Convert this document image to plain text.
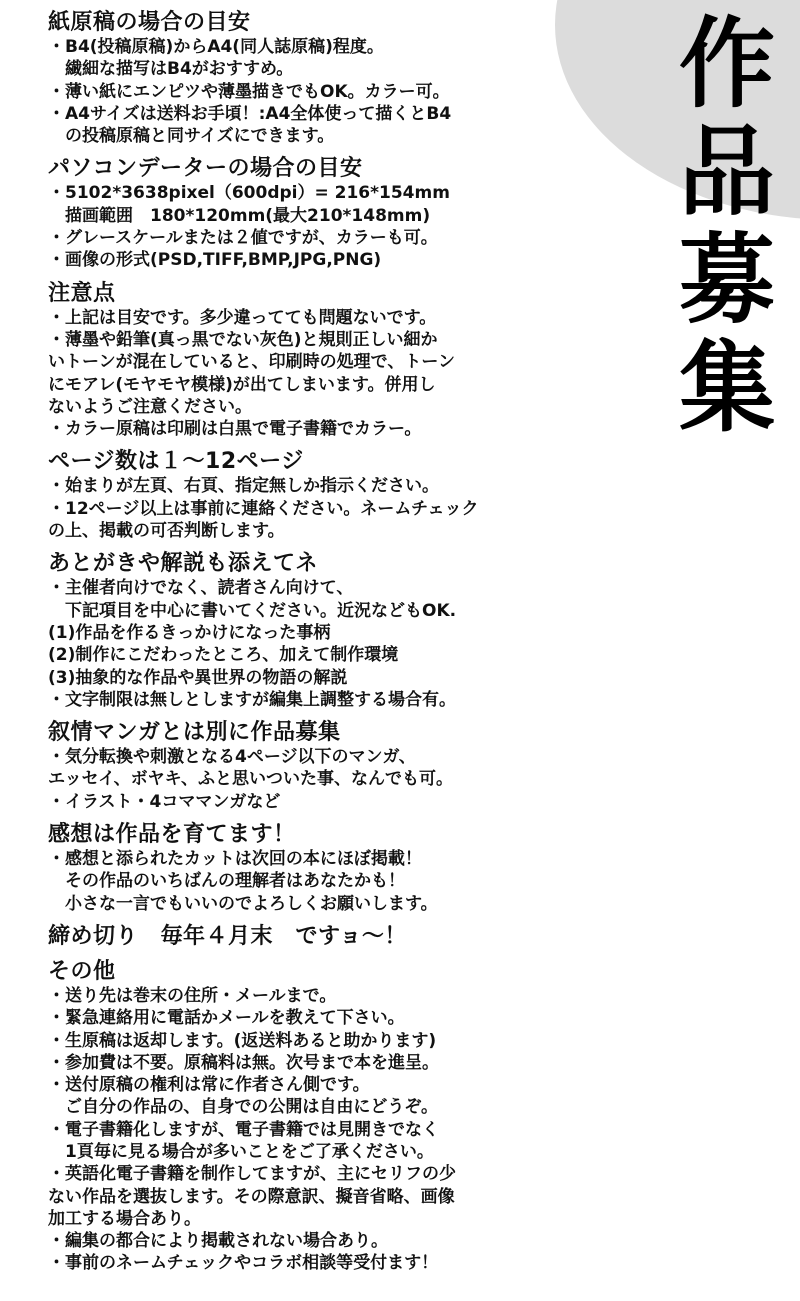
作
品
募
集
紙原稿の場合の目安
・B4(投稿原稿)からA4(同人誌原稿)程度。
　繊細な描写はB4がおすすめ。
・薄い紙にエンピツや薄墨描きでもOK。カラー可。
・A4サイズは送料お手頃！:A4全体使って描くとB4
　の投稿原稿と同サイズにできます。
パソコンデーターの場合の目安
・5102*3638pixel（600dpi）= 216*154mm
　描画範囲　180*120mm(最大210*148mm)
・グレースケールまたは２値ですが、カラーも可。
・画像の形式(PSD,TIFF,BMP,JPG,PNG)
注意点
・上記は目安です。多少違ってても問題ないです。
・薄墨や鉛筆(真っ黒でない灰色)と規則正しい細か
いトーンが混在していると、印刷時の処理で、トーン
にモアレ(モヤモヤ模様)が出てしまいます。併用し
ないようご注意ください。
・カラー原稿は印刷は白黒で電子書籍でカラー。
ページ数は１～12ページ
・始まりが左頁、右頁、指定無しか指示ください。
・12ページ以上は事前に連絡ください。ネームチェック
の上、掲載の可否判断します。
あとがきや解説も添えてネ
・主催者向けでなく、読者さん向けて、
　下記項目を中心に書いてください。近況などもOK.
(1)作品を作るきっかけになった事柄
(2)制作にこだわったところ、加えて制作環境
(3)抽象的な作品や異世界の物語の解説
・文字制限は無しとしますが編集上調整する場合有。
叙情マンガとは別に作品募集
・気分転換や刺激となる4ページ以下のマンガ、
エッセイ、ボヤキ、ふと思いついた事、なんでも可。
・イラスト・4コママンガなど
感想は作品を育てます！
・感想と添られたカットは次回の本にほぼ掲載！
　その作品のいちばんの理解者はあなたかも！
　小さな一言でもいいのでよろしくお願いします。
締め切り　毎年４月末　ですョ～！
その他
・送り先は巻末の住所・メールまで。
・緊急連絡用に電話かメールを教えて下さい。
・生原稿は返却します。(返送料あると助かります)
・参加費は不要。原稿料は無。次号まで本を進呈。
・送付原稿の権利は常に作者さん側です。
　ご自分の作品の、自身での公開は自由にどうぞ。
・電子書籍化しますが、電子書籍では見開きでなく
　1頁毎に見る場合が多いことをご了承ください。
・英語化電子書籍を制作してますが、主にセリフの少
ない作品を選抜します。その際意訳、擬音省略、画像
加工する場合あり。
・編集の都合により掲載されない場合あり。
・事前のネームチェックやコラボ相談等受付ます！
